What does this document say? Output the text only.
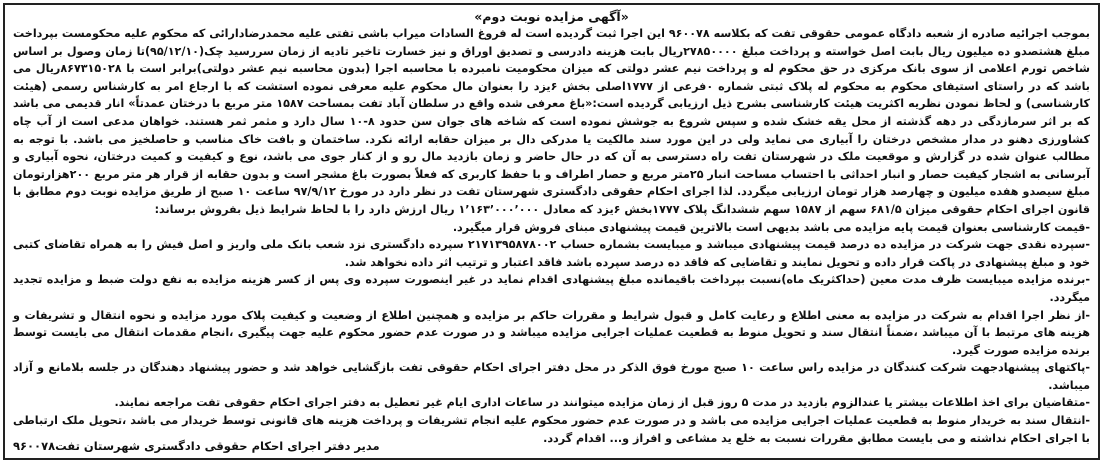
«آگهی مزایده نوبت دوم»

بموجب اجرائیه صادره از شعبه دادگاه عمومی حقوقی تفت که بکلاسه ۹۶۰۰۷۸ این اجرا ثبت گردیده است له فروغ السادات میراب باشی تفتی علیه محمدرضادارائی که محکوم علیه محکومست بپرداخت مبلغ هشتصدو ده میلیون ریال بابت اصل خواسته و پرداخت مبلغ ۲۷۸۵۰۰۰۰ریال بابت هزینه دادرسی و تصدیق اوراق و نیز خسارت تاخیر تادیه از زمان سررسید چک(۹۵/۱۲/۱۰)تا زمان وصول بر اساس شاخص تورم اعلامی از سوی بانک مرکزی در حق محکوم له و پرداخت نیم عشر دولتی که میزان محکومیت نامبرده با محاسبه اجرا (بدون محاسبه نیم عشر دولتی)برابر است با ۸۶۷۳۱۵۰۲۸ریال می باشد که در راستای استیفای محکوم به محکوم له پلاک ثبتی شماره ۰فرعی از ۱۷۷۷اصلی بخش ۶یزد را بعنوان مال محکوم علیه معرفی نموده استشت که با ارجاع امر به کارشناس رسمی (هیئت کارشناسی) و لحاظ نمودن نظریه اکثریت هیئت کارشناسی بشرح ذیل ارزیابی گردیده است:«باغ معرفی شده واقع در سلطان آباد تفت بمساحت ۱۵۸۷ متر مربع با درختان عمدتاً» انار قدیمی می باشد که بر اثر سرمازدگی در دهه گذشته از محل یقه خشک شده و سپس شروع به جوشش نموده است که شاخه های جوان سن حدود ۸-۱۰ سال دارد و مثمر ثمر هستند. خواهان مدعی است از آب چاه کشاورزی دهنو در مدار مشخص درختان را آبیاری می نماید ولی در این مورد سند مالکیت یا مدرکی دال بر میزان حقابه ارائه نکرد. ساختمان و بافت خاک مناسب و حاصلخیز می باشد. با توجه به مطالب عنوان شده در گزارش و موقعیت ملک در شهرستان تفت راه دسترسی به آن که در حال حاضر و زمان بازدید مال رو و از کنار جوی می باشد، نوع و کیفیت و کمیت درختان، نحوه آبیاری و آبرسانی به اشجار کیفیت حصار و انبار احداثی با احتساب مساحت انبار ۲۵متر مربع و حصار اطراف و با حفظ کاربری که فعلاً بصورت باغ مشجر است و بدون حقابه از قرار هر متر مربع ۲۰۰هزارتومان مبلغ سیصدو هفده میلیون و چهارصد هزار تومان ارزیابی میگردد. لذا اجرای احکام حقوقی دادگستری شهرستان تفت در نظر دارد در مورخ ۹۷/۹/۱۲ ساعت ۱۰ صبح از طریق مزایده نوبت دوم مطابق با قانون اجرای احکام حقوقی میزان ۶۸۱/۵ سهم از ۱۵۸۷ سهم ششدانگ پلاک ۱۷۷۷بخش ۶یزد که معادل ۱٬۱۶۳٬۰۰۰٬۰۰۰ ریال ارزش دارد را با لحاظ شرایط ذیل بفروش برساند:

-قیمت کارشناسی بعنوان قیمت پایه مزایده می باشد بدیهی است بالاترین قیمت پیشنهادی مبنای فروش قرار میگیرد.

-سپرده نقدی جهت شرکت در مزایده ده درصد قیمت پیشنهادی میباشد و میبایست بشماره حساب ۲۱۷۱۳۹۵۸۷۸۰۰۲ سپرده دادگستری نزد شعب بانک ملی واریز و اصل فیش را به همراه تقاضای کتبی خود و مبلغ پیشنهادی در پاکت قرار داده و تحویل نمایند و تقاضایی که فاقد ده درصد سپرده باشد فاقد اعتبار و ترتیب اثر داده نخواهد شد.

-برنده مزایده میبایست ظرف مدت معین (حداکثریک ماه)نسبت بپرداخت باقیمانده مبلغ پیشنهادی اقدام نماید در غیر اینصورت سپرده وی پس از کسر هزینه مزایده به نفع دولت ضبط و مزایده تجدید میگردد.

-از نظر اجرا اقدام به شرکت در مزایده به معنی اطلاع و رعایت کامل و قبول شرایط و مقررات حاکم بر مزایده و همچنین اطلاع از وضعیت و کیفیت پلاک مورد مزایده و نحوه انتقال و تشریفات و هزینه های مرتبط با آن میباشد ،ضمناً انتقال سند و تحویل منوط به قطعیت عملیات اجرایی مزایده میباشد و در صورت عدم حضور محکوم علیه جهت پیگیری ،انجام مقدمات انتقال می بایست توسط برنده مزایده صورت گیرد.

-پاکتهای پیشنهادجهت شرکت کنندگان در مزایده راس ساعت ۱۰ صبح مورخ فوق الذکر در محل دفتر اجرای احکام حقوقی تفت بازگشایی خواهد شد و حضور پیشنهاد دهندگان در جلسه بلامانع و آزاد میباشد.

-متقاضیان برای اخذ اطلاعات بیشتر یا عندالزوم بازدید در مدت ۵ روز قبل از زمان مزایده میتوانند در ساعات اداری ایام غیر تعطیل به دفتر اجرای احکام حقوقی تفت مراجعه نمایند.

-انتقال سند به خریدار منوط به قطعیت عملیات اجرایی مزایده می باشد و در صورت عدم حضور محکوم علیه انجام تشریفات و پرداخت هزینه های قانونی توسط خریدار می باشد ،تحویل ملک ارتباطی با اجرای احکام نداشته و می بایست مطابق مقررات نسبت به خلع ید مشاعی و افراز و... اقدام گردد.

مدیر دفتر اجرای احکام حقوقی دادگستری شهرستان تفت۹۶۰۰۷۸
